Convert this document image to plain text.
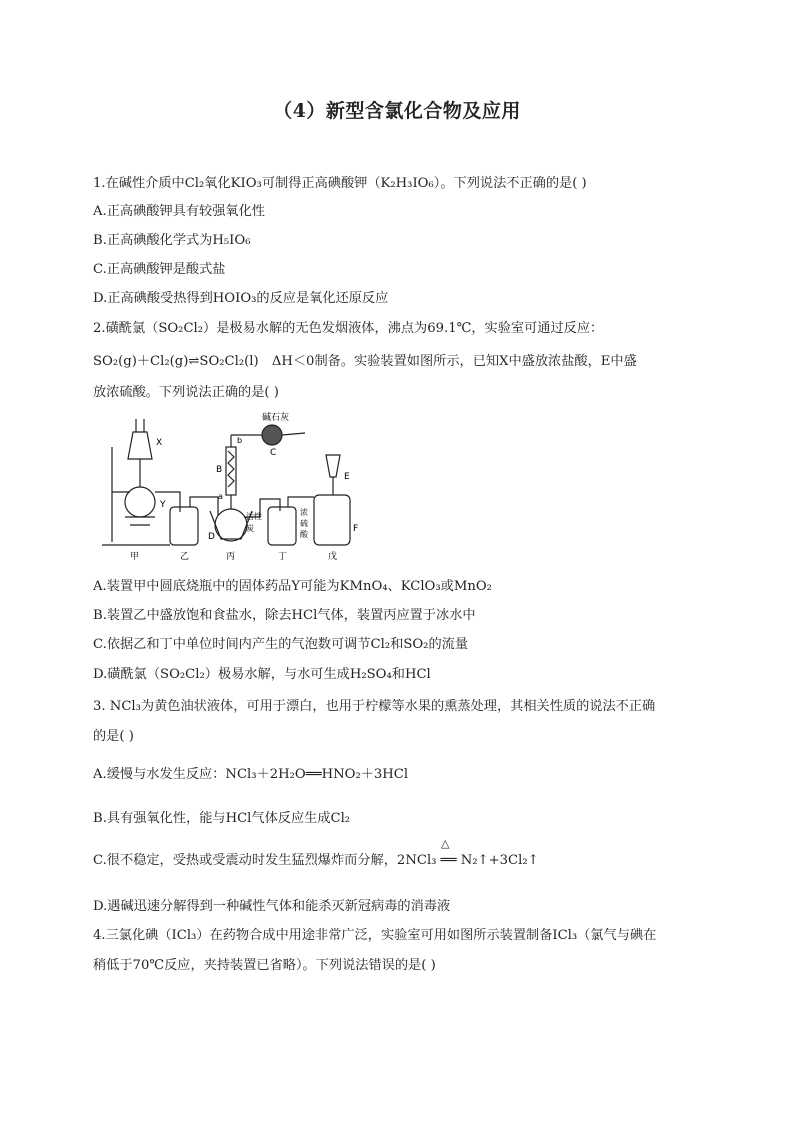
（4）新型含氯化合物及应用
1.在碱性介质中Cl₂氧化KIO₃可制得正高碘酸钾（K₂H₃IO₆）。下列说法不正确的是( )
A.正高碘酸钾具有较强氧化性
B.正高碘酸化学式为H₅IO₆
C.正高碘酸钾是酸式盐
D.正高碘酸受热得到HOIO₃的反应是氧化还原反应
2.磺酰氯（SO₂Cl₂）是极易水解的无色发烟液体，沸点为69.1℃，实验室可通过反应：
SO₂(g)＋Cl₂(g)⇌SO₂Cl₂(l)　ΔH＜0制备。实验装置如图所示，已知X中盛放浓盐酸，E中盛
放浓硫酸。下列说法正确的是( )
碱石灰
X
Y
B
b
a
C
D
E
F
活性
炭
浓
硫
酸
甲	乙	丙	丁	戊
A.装置甲中圆底烧瓶中的固体药品Y可能为KMnO₄、KClO₃或MnO₂
B.装置乙中盛放饱和食盐水，除去HCl气体，装置丙应置于冰水中
C.依据乙和丁中单位时间内产生的气泡数可调节Cl₂和SO₂的流量
D.磺酰氯（SO₂Cl₂）极易水解，与水可生成H₂SO₄和HCl
3. NCl₃为黄色油状液体，可用于漂白，也用于柠檬等水果的熏蒸处理，其相关性质的说法不正确
的是( )
A.缓慢与水发生反应：NCl₃＋2H₂O══HNO₂＋3HCl
B.具有强氧化性，能与HCl气体反应生成Cl₂
C.很不稳定，受热或受震动时发生猛烈爆炸而分解，2NCl₃ ══ N₂↑+3Cl₂↑
△
D.遇碱迅速分解得到一种碱性气体和能杀灭新冠病毒的消毒液
4.三氯化碘（ICl₃）在药物合成中用途非常广泛，实验室可用如图所示装置制备ICl₃（氯气与碘在
稍低于70℃反应，夹持装置已省略）。下列说法错误的是( )
